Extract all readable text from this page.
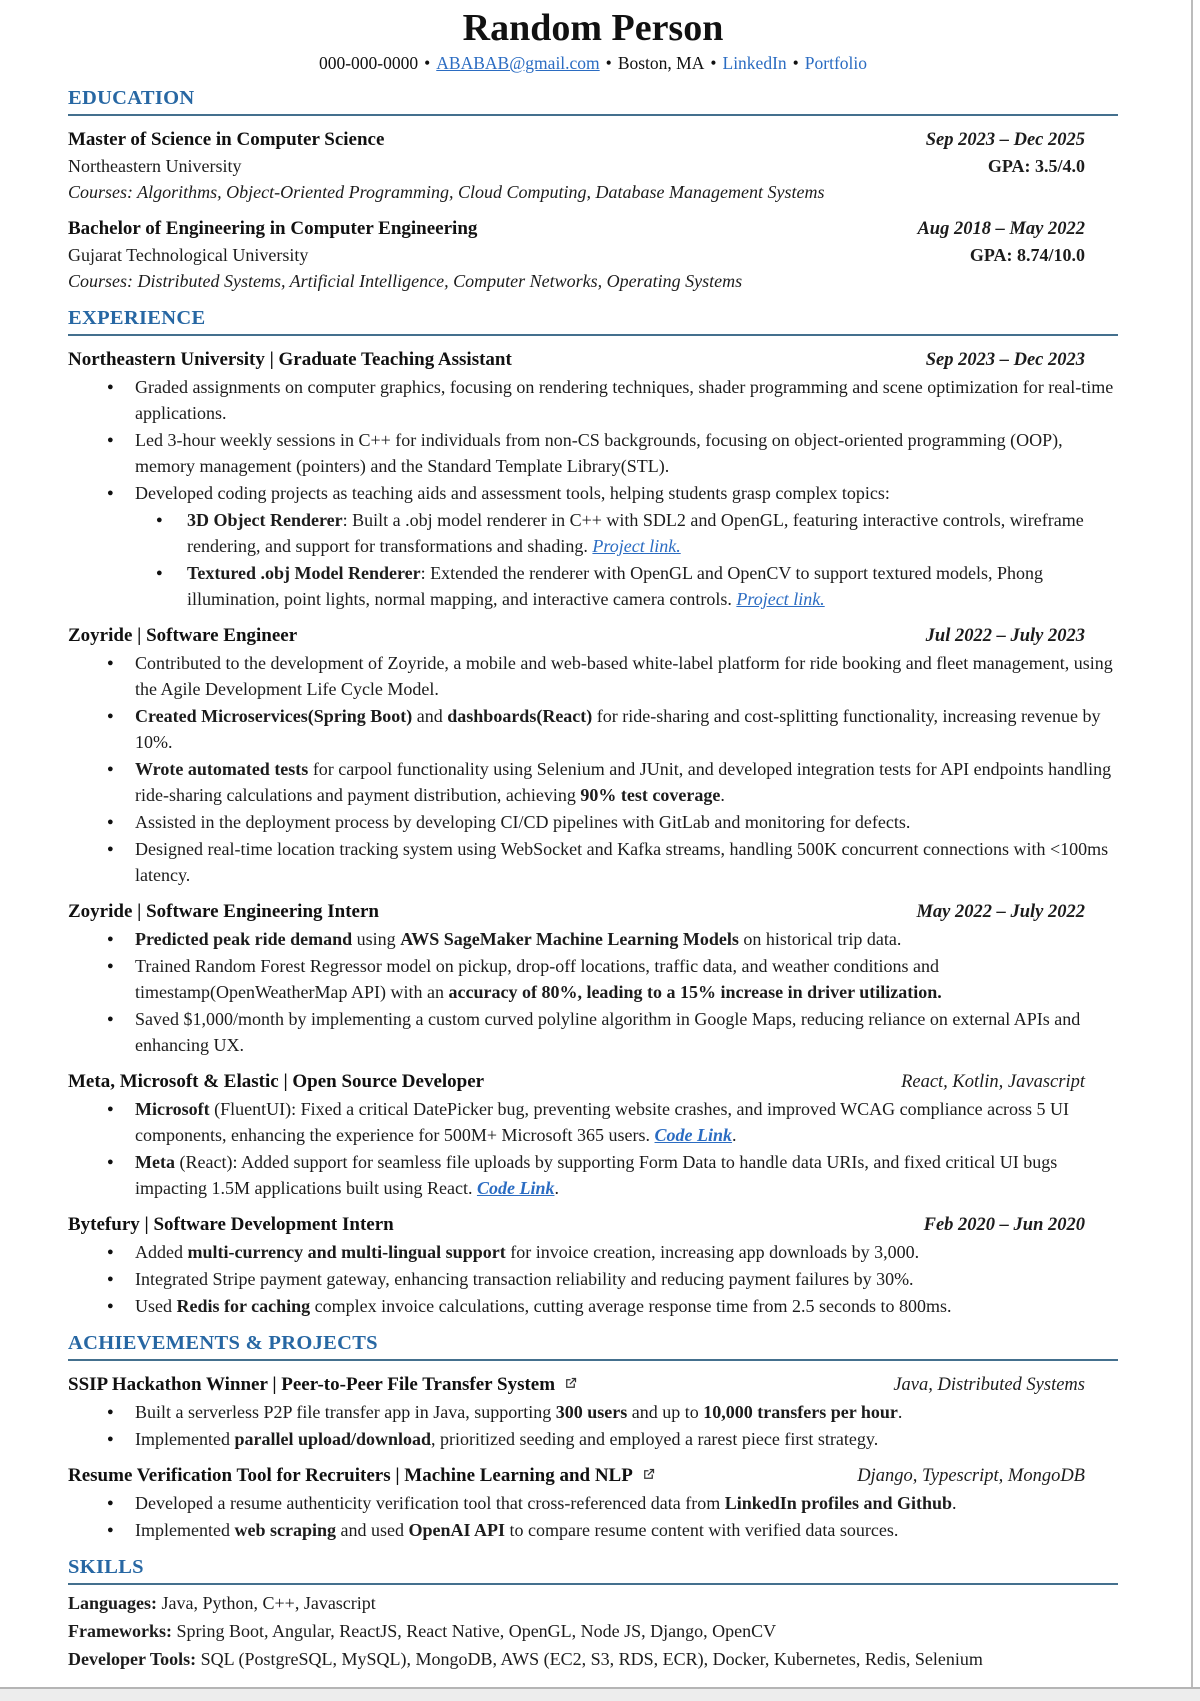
Random Person
000-000-0000 • ABABAB@gmail.com • Boston, MA • LinkedIn • Portfolio
EDUCATION
Master of Science in Computer Science	Sep 2023 – Dec 2025
Northeastern University	GPA: 3.5/4.0
Courses: Algorithms, Object-Oriented Programming, Cloud Computing, Database Management Systems
Bachelor of Engineering in Computer Engineering	Aug 2018 – May 2022
Gujarat Technological University	GPA: 8.74/10.0
Courses: Distributed Systems, Artificial Intelligence, Computer Networks, Operating Systems
EXPERIENCE
Northeastern University | Graduate Teaching Assistant	Sep 2023 – Dec 2023
● Graded assignments on computer graphics, focusing on rendering techniques, shader programming and scene optimization for real-time applications.
● Led 3-hour weekly sessions in C++ for individuals from non-CS backgrounds, focusing on object-oriented programming (OOP), memory management (pointers) and the Standard Template Library(STL).
● Developed coding projects as teaching aids and assessment tools, helping students grasp complex topics:
● 3D Object Renderer: Built a .obj model renderer in C++ with SDL2 and OpenGL, featuring interactive controls, wireframe rendering, and support for transformations and shading. Project link.
● Textured .obj Model Renderer: Extended the renderer with OpenGL and OpenCV to support textured models, Phong illumination, point lights, normal mapping, and interactive camera controls. Project link.
Zoyride | Software Engineer	Jul 2022 – July 2023
● Contributed to the development of Zoyride, a mobile and web-based white-label platform for ride booking and fleet management, using the Agile Development Life Cycle Model.
● Created Microservices(Spring Boot) and dashboards(React) for ride-sharing and cost-splitting functionality, increasing revenue by 10%.
● Wrote automated tests for carpool functionality using Selenium and JUnit, and developed integration tests for API endpoints handling ride-sharing calculations and payment distribution, achieving 90% test coverage.
● Assisted in the deployment process by developing CI/CD pipelines with GitLab and monitoring for defects.
● Designed real-time location tracking system using WebSocket and Kafka streams, handling 500K concurrent connections with <100ms latency.
Zoyride | Software Engineering Intern	May 2022 – July 2022
● Predicted peak ride demand using AWS SageMaker Machine Learning Models on historical trip data.
● Trained Random Forest Regressor model on pickup, drop-off locations, traffic data, and weather conditions and timestamp(OpenWeatherMap API) with an accuracy of 80%, leading to a 15% increase in driver utilization.
● Saved $1,000/month by implementing a custom curved polyline algorithm in Google Maps, reducing reliance on external APIs and enhancing UX.
Meta, Microsoft & Elastic | Open Source Developer	React, Kotlin, Javascript
● Microsoft (FluentUI): Fixed a critical DatePicker bug, preventing website crashes, and improved WCAG compliance across 5 UI components, enhancing the experience for 500M+ Microsoft 365 users. Code Link.
● Meta (React): Added support for seamless file uploads by supporting Form Data to handle data URIs, and fixed critical UI bugs impacting 1.5M applications built using React. Code Link.
Bytefury | Software Development Intern	Feb 2020 – Jun 2020
● Added multi-currency and multi-lingual support for invoice creation, increasing app downloads by 3,000.
● Integrated Stripe payment gateway, enhancing transaction reliability and reducing payment failures by 30%.
● Used Redis for caching complex invoice calculations, cutting average response time from 2.5 seconds to 800ms.
ACHIEVEMENTS & PROJECTS
SSIP Hackathon Winner | Peer-to-Peer File Transfer System	Java, Distributed Systems
● Built a serverless P2P file transfer app in Java, supporting 300 users and up to 10,000 transfers per hour.
● Implemented parallel upload/download, prioritized seeding and employed a rarest piece first strategy.
Resume Verification Tool for Recruiters | Machine Learning and NLP	Django, Typescript, MongoDB
● Developed a resume authenticity verification tool that cross-referenced data from LinkedIn profiles and Github.
● Implemented web scraping and used OpenAI API to compare resume content with verified data sources.
SKILLS
Languages: Java, Python, C++, Javascript
Frameworks: Spring Boot, Angular, ReactJS, React Native, OpenGL, Node JS, Django, OpenCV
Developer Tools: SQL (PostgreSQL, MySQL), MongoDB, AWS (EC2, S3, RDS, ECR), Docker, Kubernetes, Redis, Selenium
